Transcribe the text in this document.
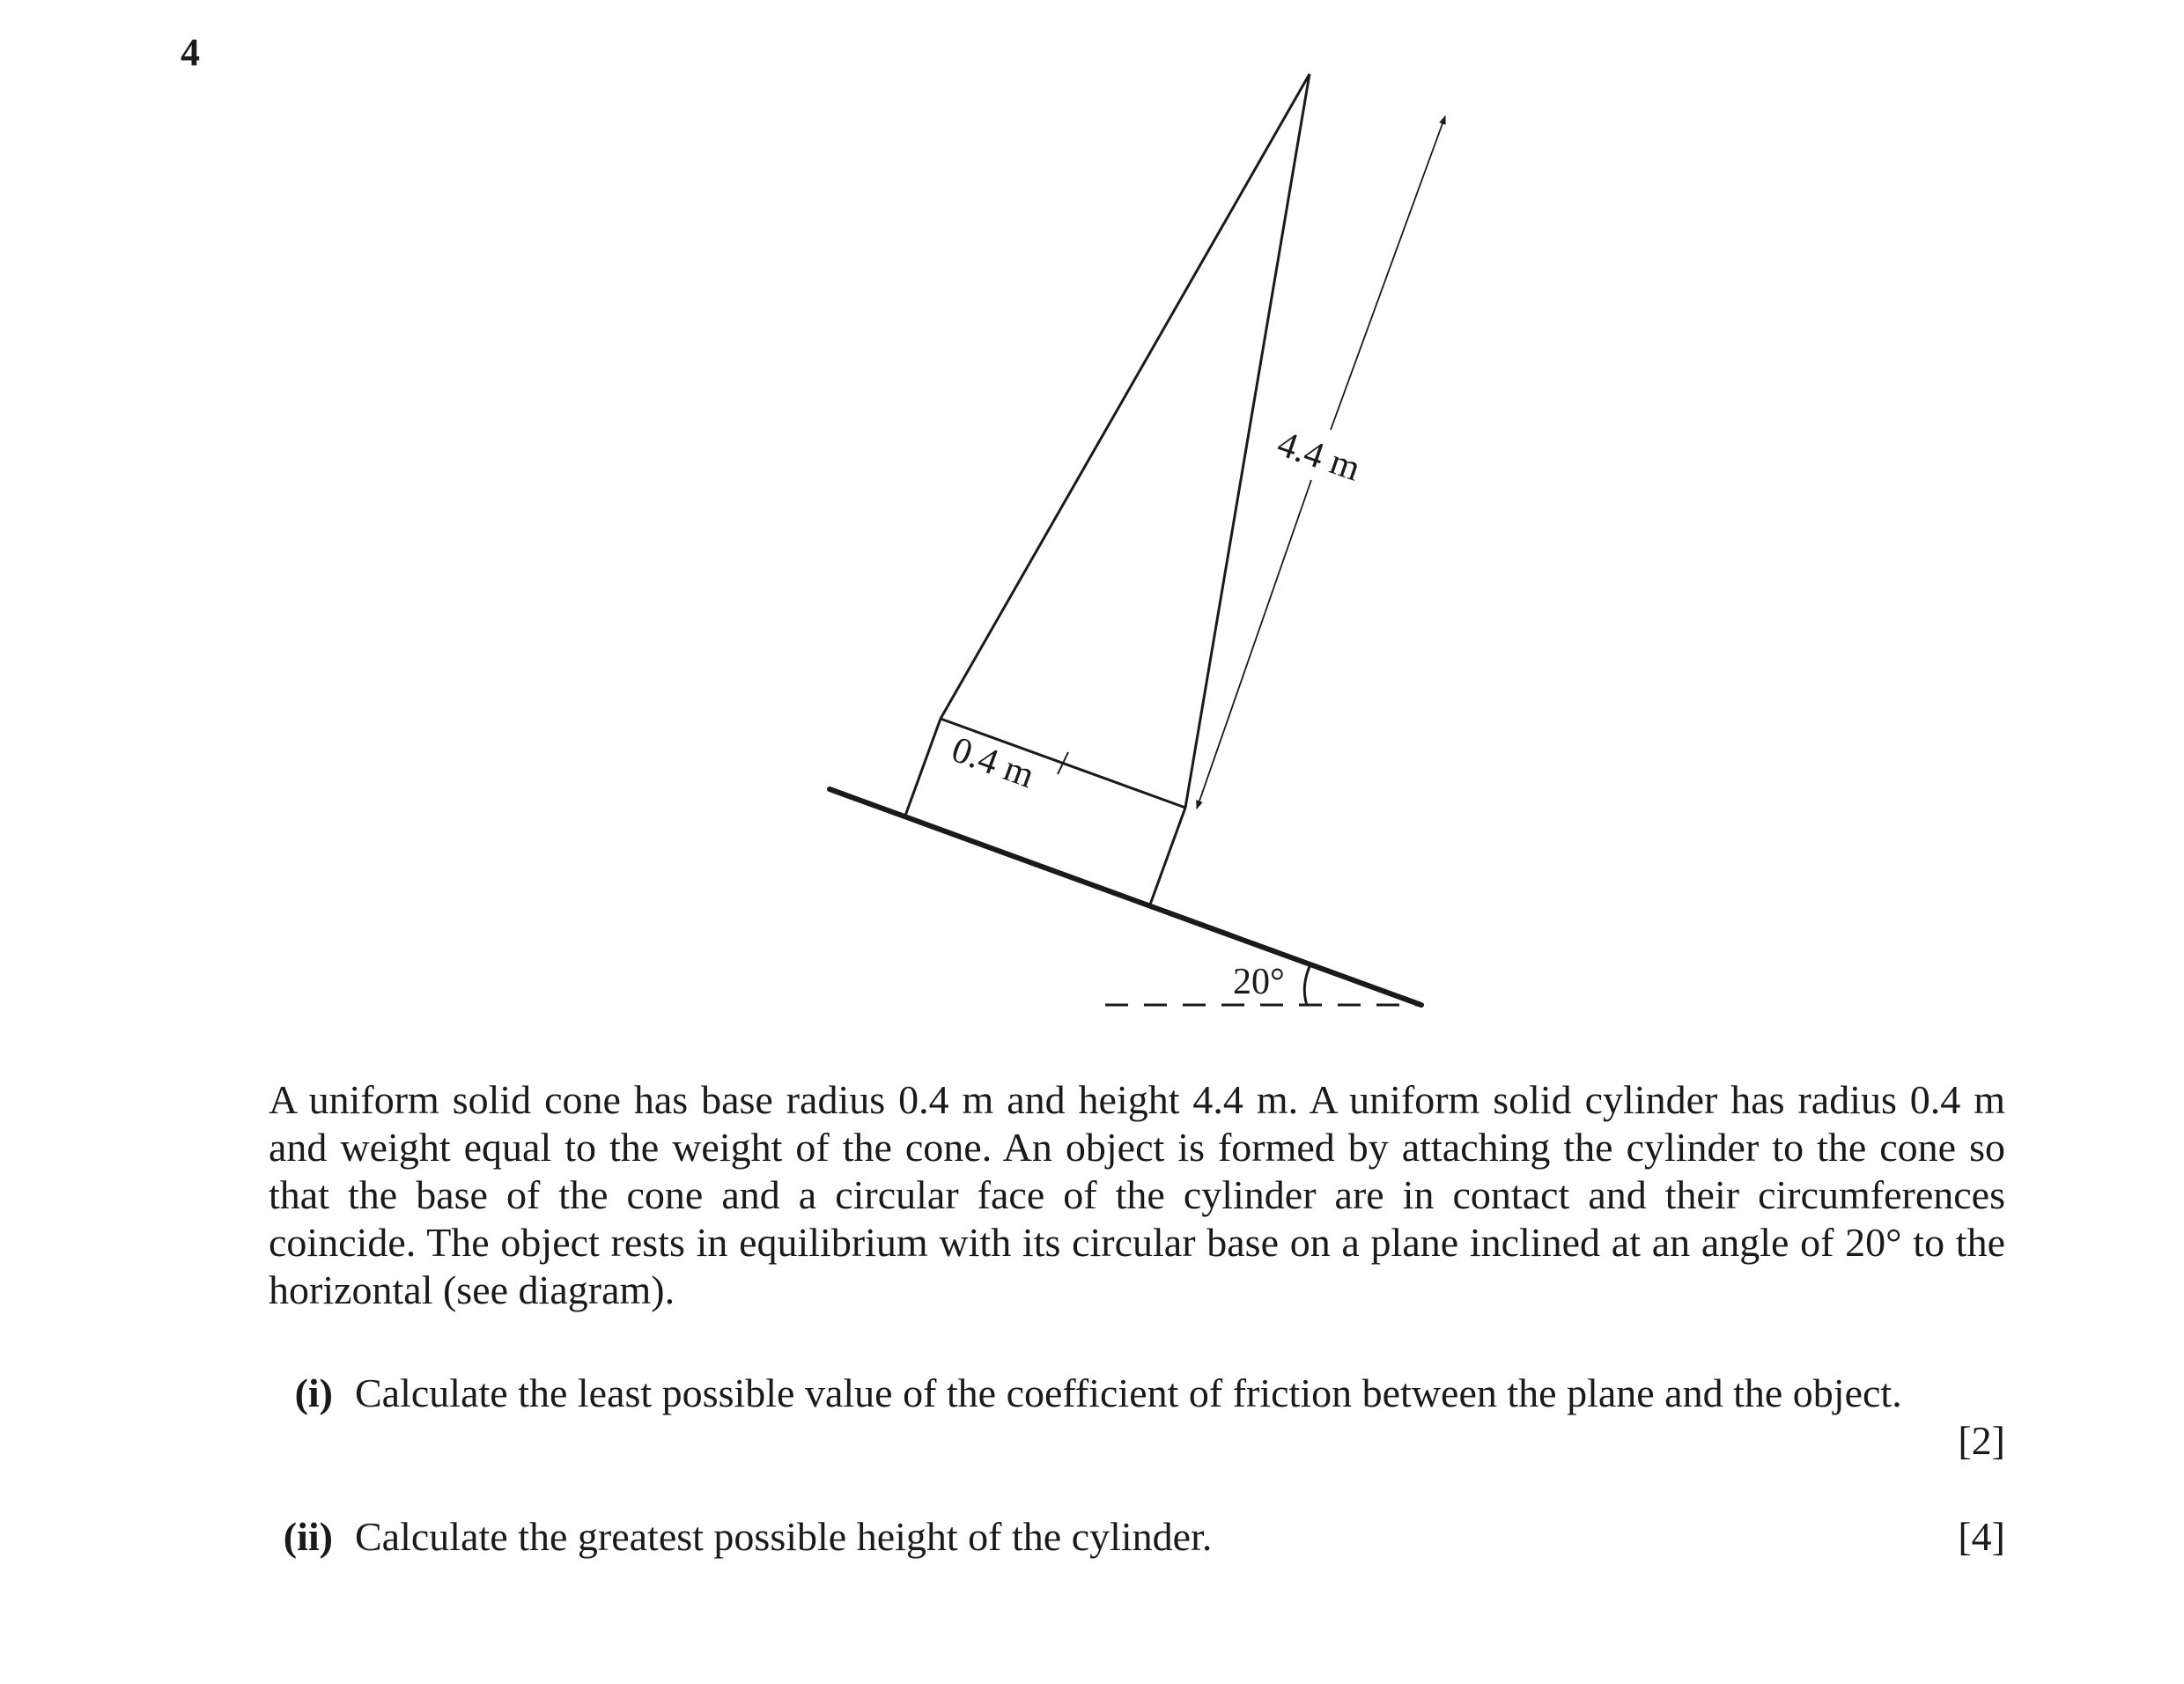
4
4.4 m
0.4 m
20°

A uniform solid cone has base radius 0.4 m and height 4.4 m. A uniform solid cylinder has radius 0.4 m and weight equal to the weight of the cone. An object is formed by attaching the cylinder to the cone so that the base of the cone and a circular face of the cylinder are in contact and their circumferences coincide. The object rests in equilibrium with its circular base on a plane inclined at an angle of 20° to the horizontal (see diagram).

(i) Calculate the least possible value of the coefficient of friction between the plane and the object.
[2]
(ii) Calculate the greatest possible height of the cylinder.	[4]
